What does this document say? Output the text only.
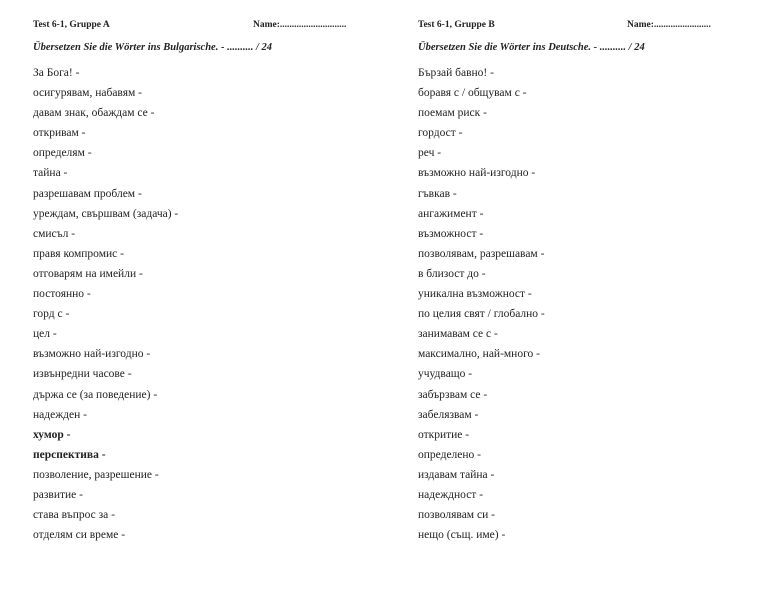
Test 6-1, Gruppe A	Name:............................
Übersetzen Sie die Wörter ins Bulgarische. - .......... / 24
За Бога! -
осигурявам, набавям -
давам знак, обаждам се -
откривам -
определям -
тайна -
разрешавам проблем -
уреждам, свършвам (задача) -
смисъл -
правя компромис -
отговарям на имейли -
постоянно -
горд с -
цел -
възможно най-изгодно -
извънредни часове -
държа се (за поведение) -
надежден -
хумор -
перспектива -
позволение, разрешение -
развитие -
става въпрос за -
отделям си време -
Test 6-1, Gruppe B	Name:........................
Übersetzen Sie die Wörter ins Deutsche. - .......... / 24
Бързай бавно! -
боравя с / общувам с -
поемам риск -
гордост -
реч -
възможно най-изгодно -
гъвкав -
ангажимент -
възможност -
позволявам, разрешавам -
в близост до -
уникална възможност -
по целия свят / глобално -
занимавам се с -
максимално, най-много -
учудващо -
забързвам се -
забелязвам -
откритие -
определено -
издавам тайна -
надеждност -
позволявам си -
нещо (същ. име) -
